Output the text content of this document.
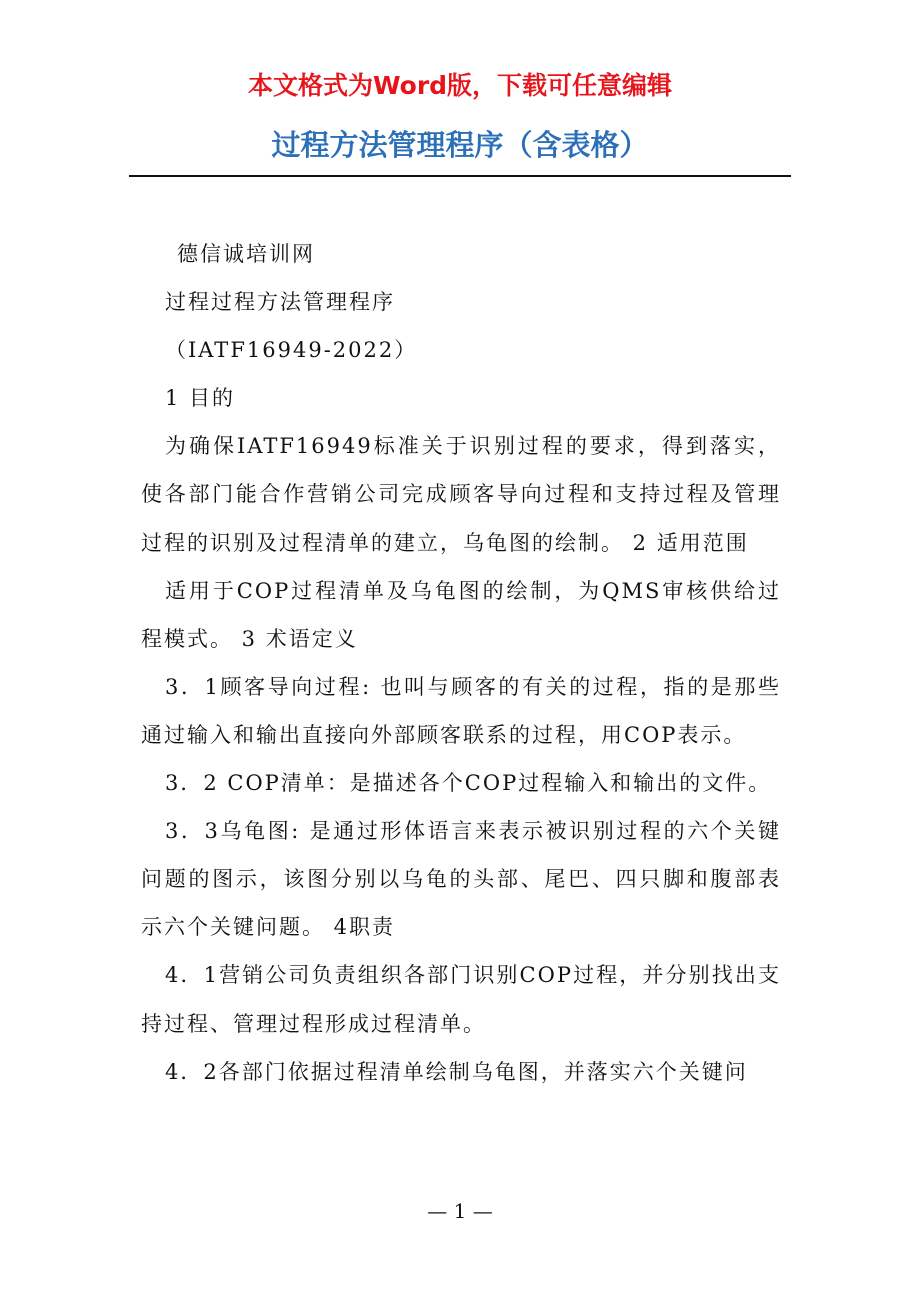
本文格式为Word版，下载可任意编辑
过程方法管理程序（含表格）

德信诚培训网

过程过程方法管理程序

（IATF16949-2022）

1 目的

为确保IATF16949标准关于识别过程的要求，得到落实，使各部门能合作营销公司完成顾客导向过程和支持过程及管理过程的识别及过程清单的建立，乌龟图的绘制。 2 适用范围

适用于COP过程清单及乌龟图的绘制，为QMS审核供给过程模式。 3 术语定义

3．1顾客导向过程: 也叫与顾客的有关的过程，指的是那些通过输入和输出直接向外部顾客联系的过程，用COP表示。

3．2 COP清单：是描述各个COP过程输入和输出的文件。

3．3乌龟图: 是通过形体语言来表示被识别过程的六个关键问题的图示，该图分别以乌龟的头部、尾巴、四只脚和腹部表示六个关键问题。 4职责

4．1营销公司负责组织各部门识别COP过程，并分别找出支持过程、管理过程形成过程清单。

4．2各部门依据过程清单绘制乌龟图，并落实六个关键问

— 1 —
